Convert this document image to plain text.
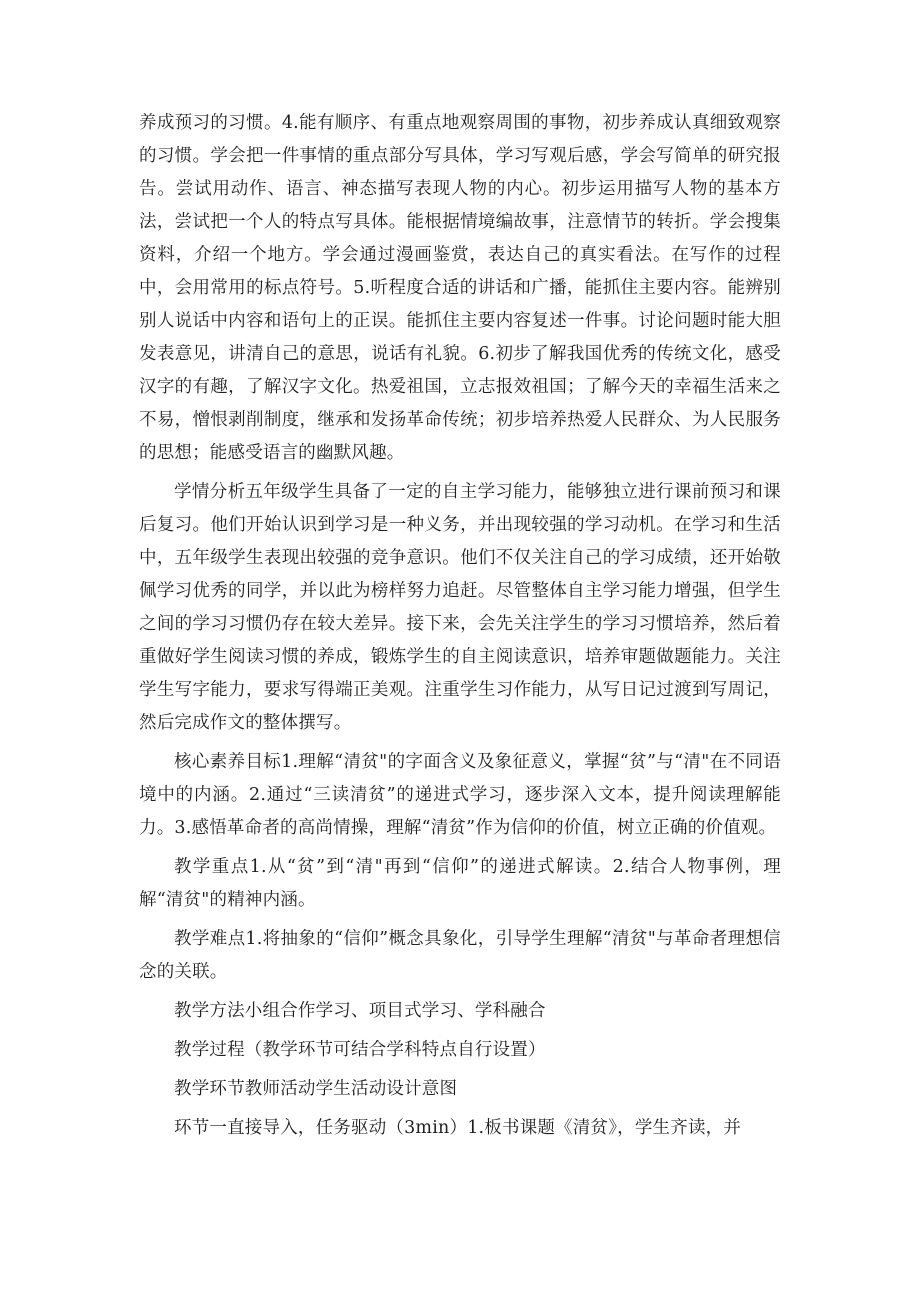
养成预习的习惯。4.能有顺序、有重点地观察周围的事物，初步养成认真细致观察的习惯。学会把一件事情的重点部分写具体，学习写观后感，学会写简单的研究报告。尝试用动作、语言、神态描写表现人物的内心。初步运用描写人物的基本方法，尝试把一个人的特点写具体。能根据情境编故事，注意情节的转折。学会搜集资料，介绍一个地方。学会通过漫画鉴赏，表达自己的真实看法。在写作的过程中，会用常用的标点符号。5.听程度合适的讲话和广播，能抓住主要内容。能辨别别人说话中内容和语句上的正误。能抓住主要内容复述一件事。讨论问题时能大胆发表意见，讲清自己的意思，说话有礼貌。6.初步了解我国优秀的传统文化，感受汉字的有趣，了解汉字文化。热爱祖国，立志报效祖国；了解今天的幸福生活来之不易，憎恨剥削制度，继承和发扬革命传统；初步培养热爱人民群众、为人民服务的思想；能感受语言的幽默风趣。

学情分析五年级学生具备了一定的自主学习能力，能够独立进行课前预习和课后复习。他们开始认识到学习是一种义务，并出现较强的学习动机。在学习和生活中，五年级学生表现出较强的竞争意识。他们不仅关注自己的学习成绩，还开始敬佩学习优秀的同学，并以此为榜样努力追赶。尽管整体自主学习能力增强，但学生之间的学习习惯仍存在较大差异。接下来，会先关注学生的学习习惯培养，然后着重做好学生阅读习惯的养成，锻炼学生的自主阅读意识，培养审题做题能力。关注学生写字能力，要求写得端正美观。注重学生习作能力，从写日记过渡到写周记，然后完成作文的整体撰写。

核心素养目标1.理解“清贫"的字面含义及象征意义，掌握“贫”与“清"在不同语境中的内涵。2.通过“三读清贫”的递进式学习，逐步深入文本，提升阅读理解能力。3.感悟革命者的高尚情操，理解“清贫”作为信仰的价值，树立正确的价值观。

教学重点1.从“贫”到“清"再到“信仰”的递进式解读。2.结合人物事例，理解“清贫"的精神内涵。

教学难点1.将抽象的“信仰”概念具象化，引导学生理解“清贫"与革命者理想信念的关联。

教学方法小组合作学习、项目式学习、学科融合

教学过程（教学环节可结合学科特点自行设置）

教学环节教师活动学生活动设计意图

环节一直接导入，任务驱动（3min）1.板书课题《清贫》，学生齐读，并
